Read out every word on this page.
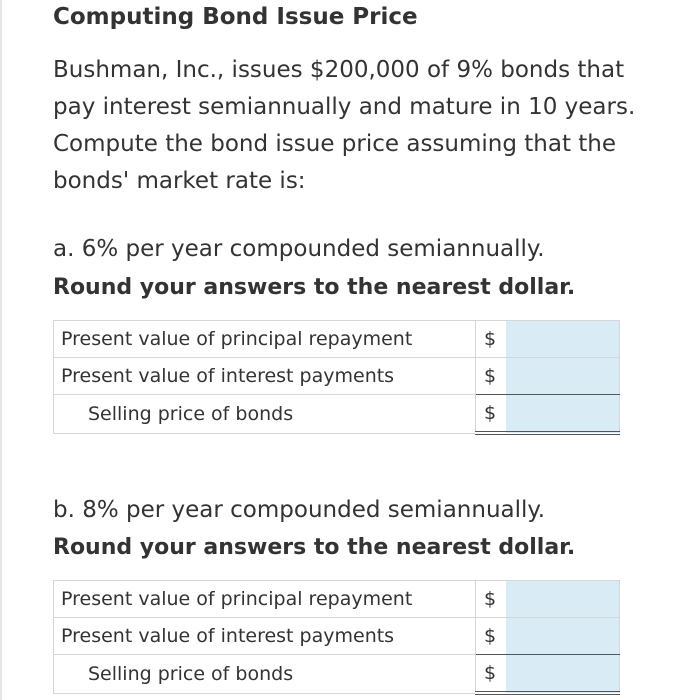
Computing Bond Issue Price
Bushman, Inc., issues $200,000 of 9% bonds that pay interest semiannually and mature in 10 years. Compute the bond issue price assuming that the bonds' market rate is:
a. 6% per year compounded semiannually.
Round your answers to the nearest dollar.
Present value of principal repayment	$	
Present value of interest payments	$	
Selling price of bonds	$	
b. 8% per year compounded semiannually.
Round your answers to the nearest dollar.
Present value of principal repayment	$	
Present value of interest payments	$	
Selling price of bonds	$	
